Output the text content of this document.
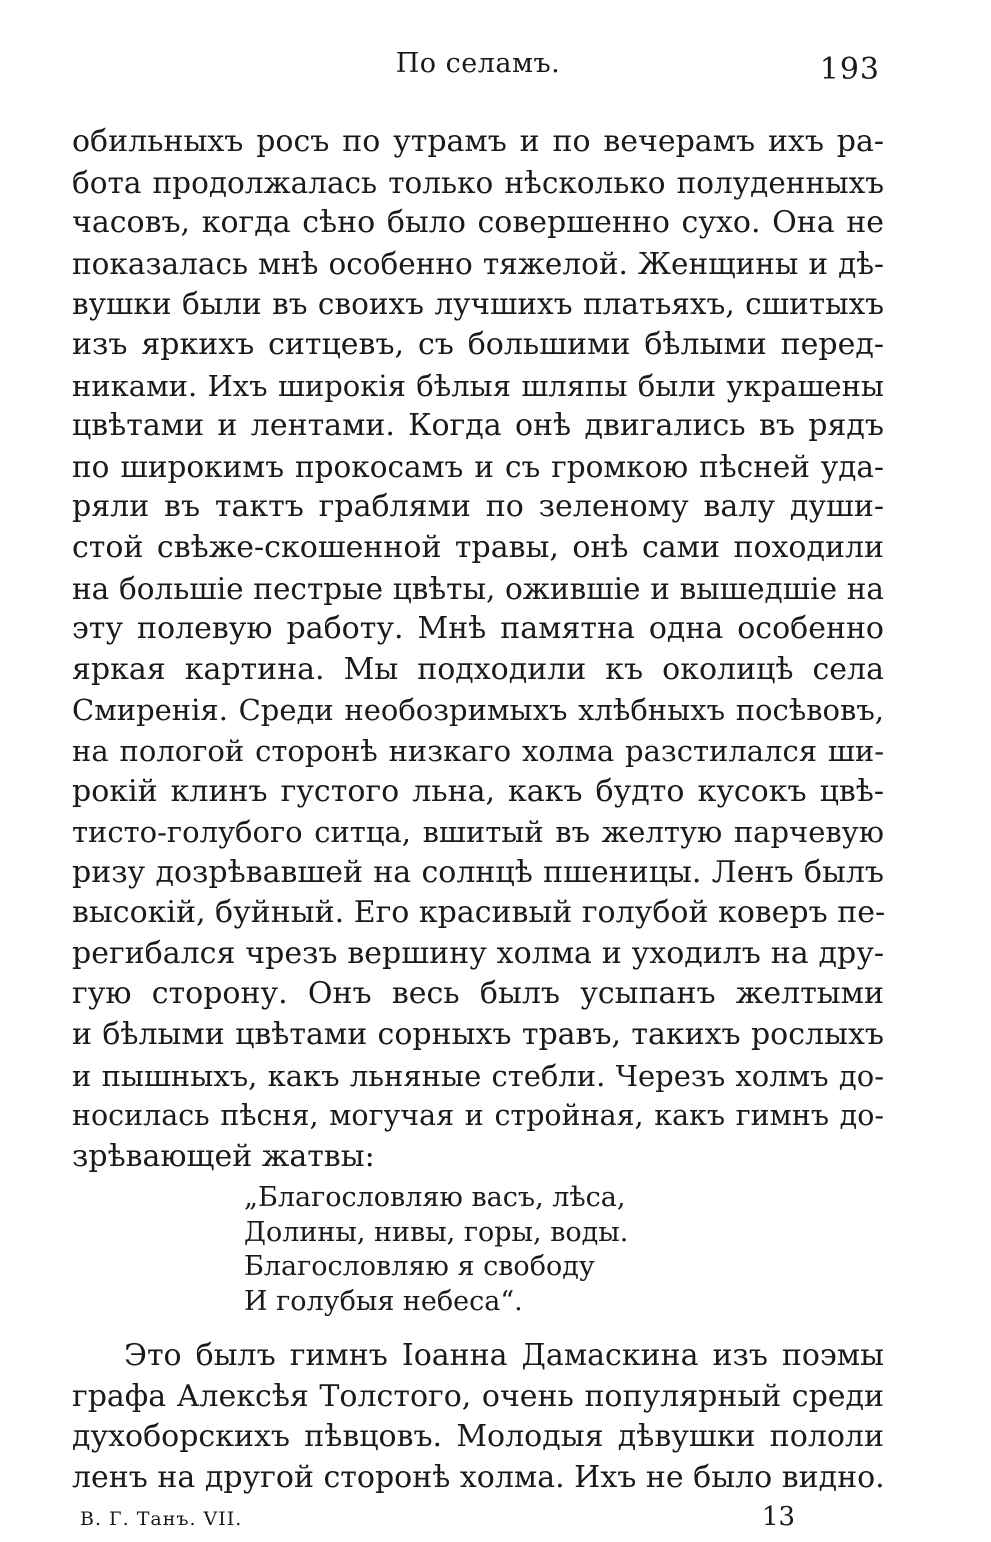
По селамъ.	193
обильныхъ росъ по утрамъ и по вечерамъ ихъ ра-
бота продолжалась только нѣсколько полуденныхъ
часовъ, когда сѣно было совершенно сухо. Она не
показалась мнѣ особенно тяжелой. Женщины и дѣ-
вушки были въ своихъ лучшихъ платьяхъ, сшитыхъ
изъ яркихъ ситцевъ, съ большими бѣлыми перед-
никами. Ихъ широкія бѣлыя шляпы были украшены
цвѣтами и лентами. Когда онѣ двигались въ рядъ
по широкимъ прокосамъ и съ громкою пѣсней уда-
ряли въ тактъ граблями по зеленому валу души-
стой свѣже-скошенной травы, онѣ сами походили
на большіе пестрые цвѣты, ожившіе и вышедшіе на
эту полевую работу. Мнѣ памятна одна особенно
яркая картина. Мы подходили къ околицѣ села
Смиренія. Среди необозримыхъ хлѣбныхъ посѣвовъ,
на пологой сторонѣ низкаго холма разстилался ши-
рокій клинъ густого льна, какъ будто кусокъ цвѣ-
тисто-голубого ситца, вшитый въ желтую парчевую
ризу дозрѣвавшей на солнцѣ пшеницы. Ленъ былъ
высокій, буйный. Его красивый голубой коверъ пе-
регибался чрезъ вершину холма и уходилъ на дру-
гую сторону. Онъ весь былъ усыпанъ желтыми
и бѣлыми цвѣтами сорныхъ травъ, такихъ рослыхъ
и пышныхъ, какъ льняные стебли. Черезъ холмъ до-
носилась пѣсня, могучая и стройная, какъ гимнъ до-
зрѣвающей жатвы:
„Благословляю васъ, лѣса,
Долины, нивы, горы, воды.
Благословляю я свободу
И голубыя небеса“.
Это былъ гимнъ Іоанна Дамаскина изъ поэмы
графа Алексѣя Толстого, очень популярный среди
духоборскихъ пѣвцовъ. Молодыя дѣвушки пололи
ленъ на другой сторонѣ холма. Ихъ не было видно.
В. Г. Танъ. VII.	13
